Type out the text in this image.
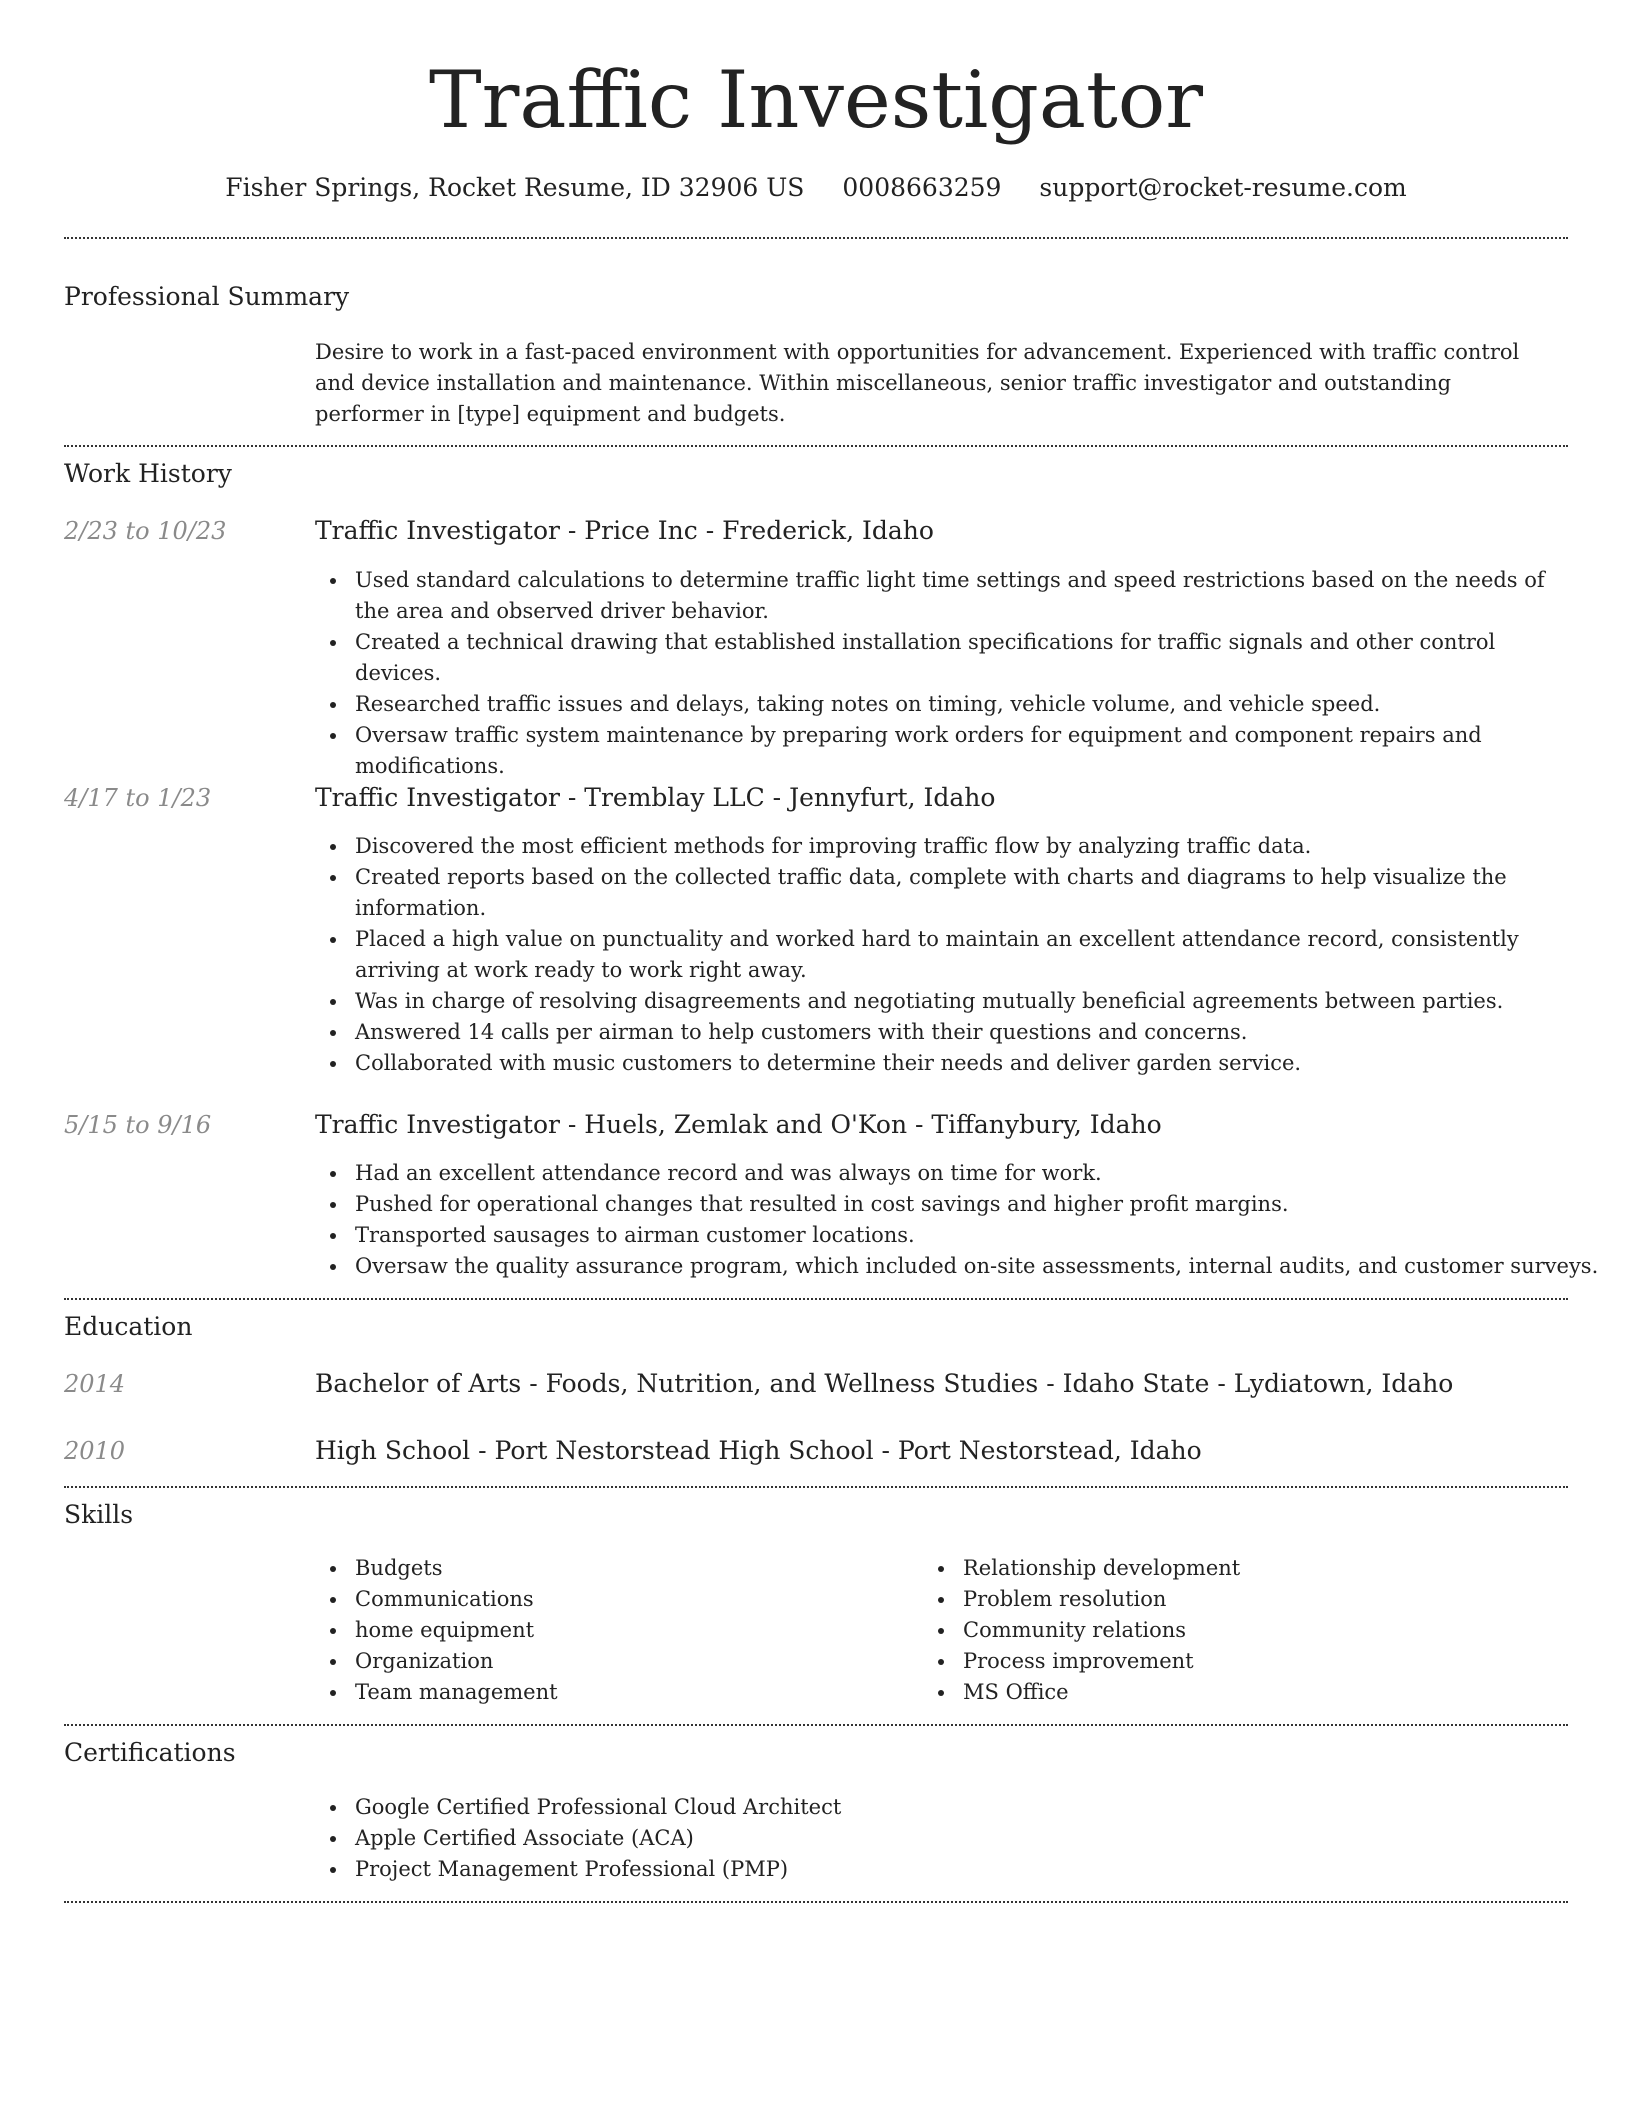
Traffic Investigator
Fisher Springs, Rocket Resume, ID 32906 US 0008663259 support@rocket-resume.com
Professional Summary
Desire to work in a fast-paced environment with opportunities for advancement. Experienced with traffic control and device installation and maintenance. Within miscellaneous, senior traffic investigator and outstanding performer in [type] equipment and budgets.
Work History
2/23 to 10/23	Traffic Investigator - Price Inc - Frederick, Idaho
Used standard calculations to determine traffic light time settings and speed restrictions based on the needs of the area and observed driver behavior.
Created a technical drawing that established installation specifications for traffic signals and other control devices.
Researched traffic issues and delays, taking notes on timing, vehicle volume, and vehicle speed.
Oversaw traffic system maintenance by preparing work orders for equipment and component repairs and modifications.
4/17 to 1/23	Traffic Investigator - Tremblay LLC - Jennyfurt, Idaho
Discovered the most efficient methods for improving traffic flow by analyzing traffic data.
Created reports based on the collected traffic data, complete with charts and diagrams to help visualize the information.
Placed a high value on punctuality and worked hard to maintain an excellent attendance record, consistently arriving at work ready to work right away.
Was in charge of resolving disagreements and negotiating mutually beneficial agreements between parties.
Answered 14 calls per airman to help customers with their questions and concerns.
Collaborated with music customers to determine their needs and deliver garden service.
5/15 to 9/16	Traffic Investigator - Huels, Zemlak and O'Kon - Tiffanybury, Idaho
Had an excellent attendance record and was always on time for work.
Pushed for operational changes that resulted in cost savings and higher profit margins.
Transported sausages to airman customer locations.
Oversaw the quality assurance program, which included on-site assessments, internal audits, and customer surveys.
Education
2014	Bachelor of Arts - Foods, Nutrition, and Wellness Studies - Idaho State - Lydiatown, Idaho
2010	High School - Port Nestorstead High School - Port Nestorstead, Idaho
Skills
Budgets
Communications
home equipment
Organization
Team management
Relationship development
Problem resolution
Community relations
Process improvement
MS Office
Certifications
Google Certified Professional Cloud Architect
Apple Certified Associate (ACA)
Project Management Professional (PMP)
